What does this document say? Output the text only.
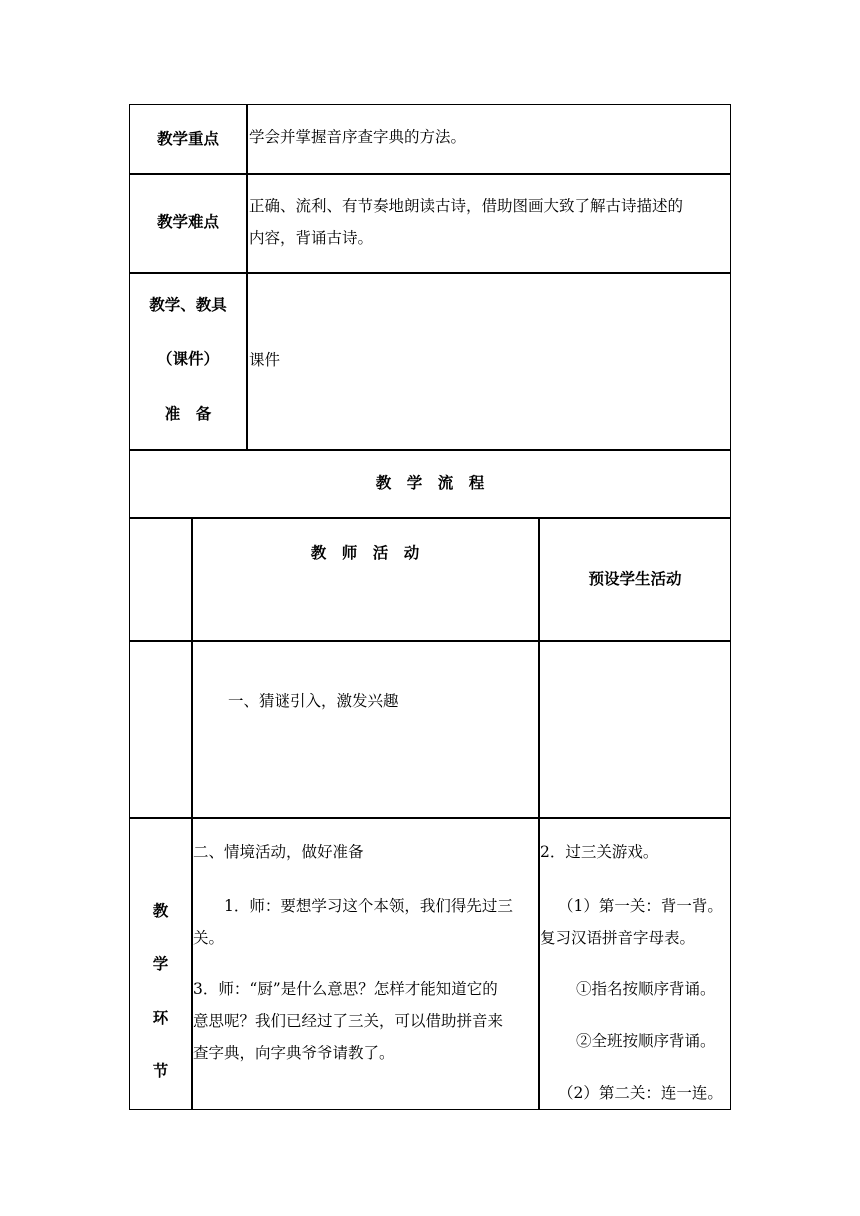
教学重点	学会并掌握音序查字典的方法。
教学难点
正确、流利、有节奏地朗读古诗，借助图画大致了解古诗描述的
内容，背诵古诗。
教学、教具
（课件）
准　备
课件
教　学　流　程
教　师　活　动
预设学生活动
一、猜谜引入，激发兴趣
教
学
环
节
二、情境活动，做好准备
　　1．师：要想学习这个本领，我们得先过三
关。
3．师：“厨”是什么意思？怎样才能知道它的
意思呢？我们已经过了三关，可以借助拼音来
查字典，向字典爷爷请教了。
2．过三关游戏。
（1）第一关：背一背。
复习汉语拼音字母表。
①指名按顺序背诵。
②全班按顺序背诵。
（2）第二关：连一连。
